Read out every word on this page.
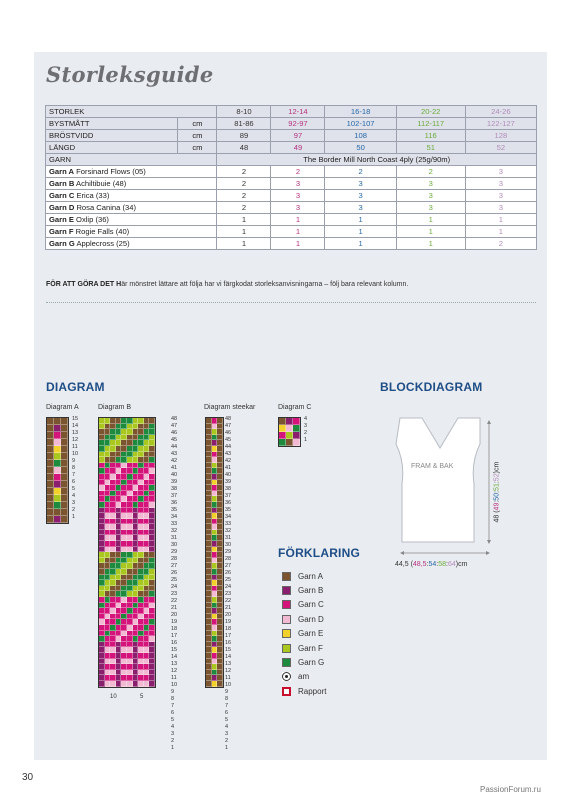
Storleksguide
STORLEK		8-10	12-14	16-18	20-22	24-26
BYSTMÅTT	cm	81-86	92-97	102-107	112-117	122-127
BRÖSTVIDD	cm	89	97	108	116	128
LÄNGD	cm	48	49	50	51	52
GARN		The Border Mill North Coast 4ply (25g/90m)				
Garn A Forsinard Flows (05)		2	2	2	2	3
Garn B Achiltibuie (48)		2	3	3	3	3
Garn C Erica (33)		2	3	3	3	3
Garn D Rosa Canina (34)		2	3	3	3	3
Garn E Oxlip (36)		1	1	1	1	1
Garn F Rogie Falls (40)		1	1	1	1	1
Garn G Applecross (25)		1	1	1	1	2
FÖR ATT GÖRA DET Här mönstret lättare att följa har vi färgkodat storleksanvisningarna – följ bara relevant kolumn.
DIAGRAM
Diagram A	Diagram B	Diagram steekar	Diagram C
15
14
13
12
11
10
9
8
7
6
5
4
3
2
1

48
47
46
45
44
43
42
41
40
39
38
37
36
35
34
33
32
31
30
29
28
27
26
25
24
23
22
21
20
19
18
17
16
15
14
13
12
11
10
9
8
7
6
5
4
3
2
1

10	5
48
47
46
45
44
43
42
41
40
39
38
37
36
35
34
33
32
31
30
29
28
27
26
25
24
23
22
21
20
19
18
17
16
15
14
13
12
11
10
9
8
7
6
5
4
3
2
1

4
3
2
1

BLOCKDIAGRAM
FRAM & BAK
44,5 (48,5:54:58:64)cm
48 (49:50:51:52)cm
FÖRKLARING
Garn A
Garn B
Garn C
Garn D
Garn E
Garn F
Garn G
am
Rapport
30
PassionForum.ru
